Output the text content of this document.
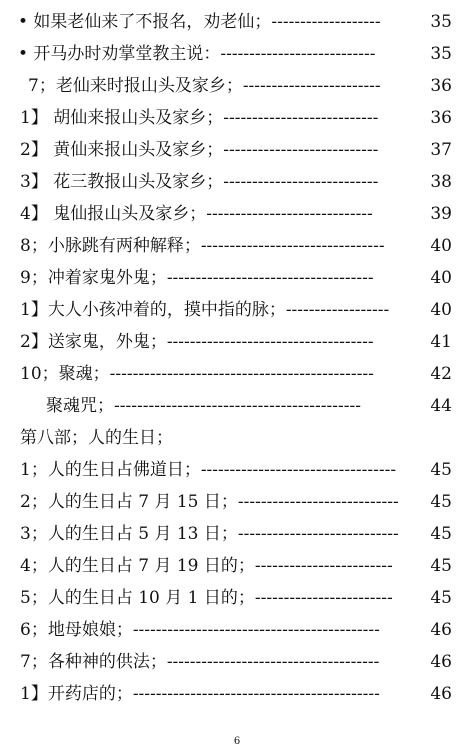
• 如果老仙来了不报名，劝老仙；-------------------	35
• 开马办时劝掌堂教主说：---------------------------	35
7；老仙来时报山头及家乡；------------------------	36
1】 胡仙来报山头及家乡；---------------------------	36
2】 黄仙来报山头及家乡；---------------------------	37
3】 花三教报山头及家乡；---------------------------	38
4】 鬼仙报山头及家乡；-----------------------------	39
8；小脉跳有两种解释；--------------------------------	40
9；冲着家鬼外鬼；------------------------------------	40
1】大人小孩冲着的，摸中指的脉；------------------ 40
2】送家鬼，外鬼；------------------------------------	41
10；聚魂；----------------------------------------------	42
聚魂咒；-------------------------------------------	44
第八部；人的生日；
1；人的生日占佛道日；---------------------------------- 45
2；人的生日占 7 月 15 日；---------------------------- 45
3；人的生日占 5 月 13 日；---------------------------- 45
4；人的生日占 7 月 19 日的；------------------------ 45
5；人的生日占 10 月 1 日的；------------------------ 45
6；地母娘娘；-------------------------------------------	46
7；各种神的供法；-------------------------------------	46
1】开药店的；-------------------------------------------	46
6
